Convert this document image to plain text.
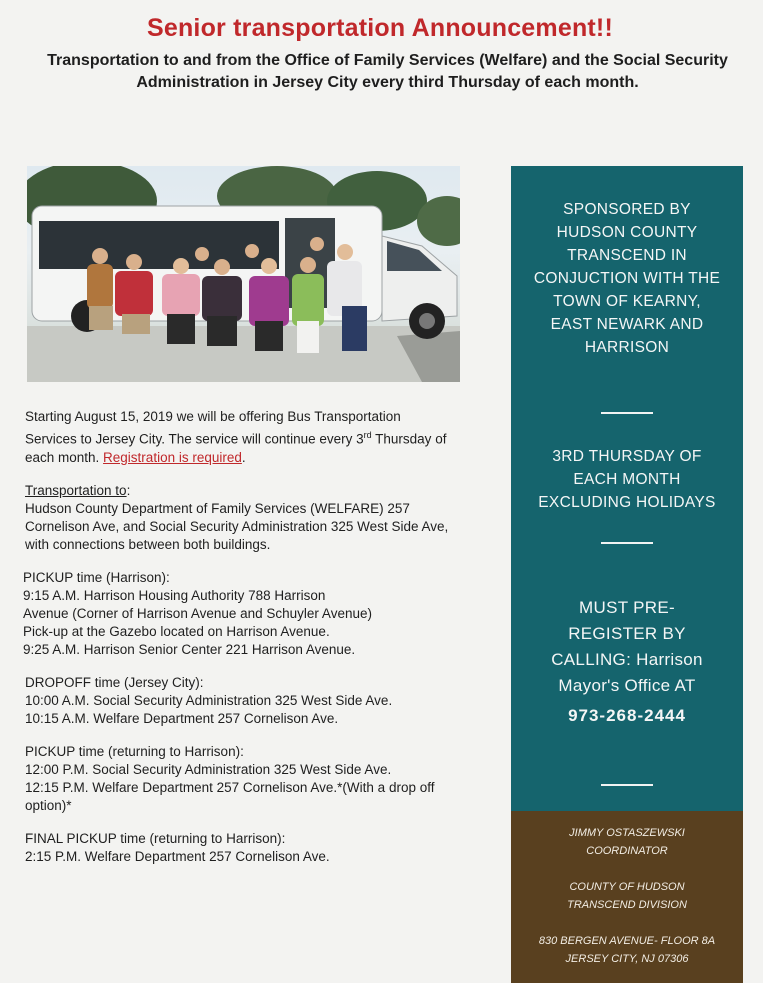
Senior transportation Announcement!!
Transportation to and from the Office of Family Services (Welfare) and the Social Security
Administration in Jersey City every third Thursday of each month.

Starting August 15, 2019 we will be offering Bus Transportation
Services to Jersey City. The service will continue every 3rd Thursday of
each month. Registration is required.

Transportation to:
Hudson County Department of Family Services (WELFARE) 257
Cornelison Ave, and Social Security Administration 325 West Side Ave,
with connections between both buildings.

PICKUP time (Harrison):
9:15 A.M. Harrison Housing Authority 788 Harrison
Avenue (Corner of Harrison Avenue and Schuyler Avenue)
Pick-up at the Gazebo located on Harrison Avenue.
9:25 A.M. Harrison Senior Center 221 Harrison Avenue.

DROPOFF time (Jersey City):
10:00 A.M. Social Security Administration 325 West Side Ave.
10:15 A.M. Welfare Department 257 Cornelison Ave.

PICKUP time (returning to Harrison):
12:00 P.M. Social Security Administration 325 West Side Ave.
12:15 P.M. Welfare Department 257 Cornelison Ave.*(With a drop off
option)*

FINAL PICKUP time (returning to Harrison):
2:15 P.M. Welfare Department 257 Cornelison Ave.

SPONSORED BY
HUDSON COUNTY
TRANSCEND IN
CONJUCTION WITH THE
TOWN OF KEARNY,
EAST NEWARK AND
HARRISON
3RD THURSDAY OF
EACH MONTH
EXCLUDING HOLIDAYS
MUST PRE-
REGISTER BY
CALLING: Harrison
Mayor's Office AT
973-268-2444
JIMMY OSTASZEWSKI
COORDINATOR
COUNTY OF HUDSON
TRANSCEND DIVISION
830 BERGEN AVENUE- FLOOR 8A
JERSEY CITY, NJ 07306
